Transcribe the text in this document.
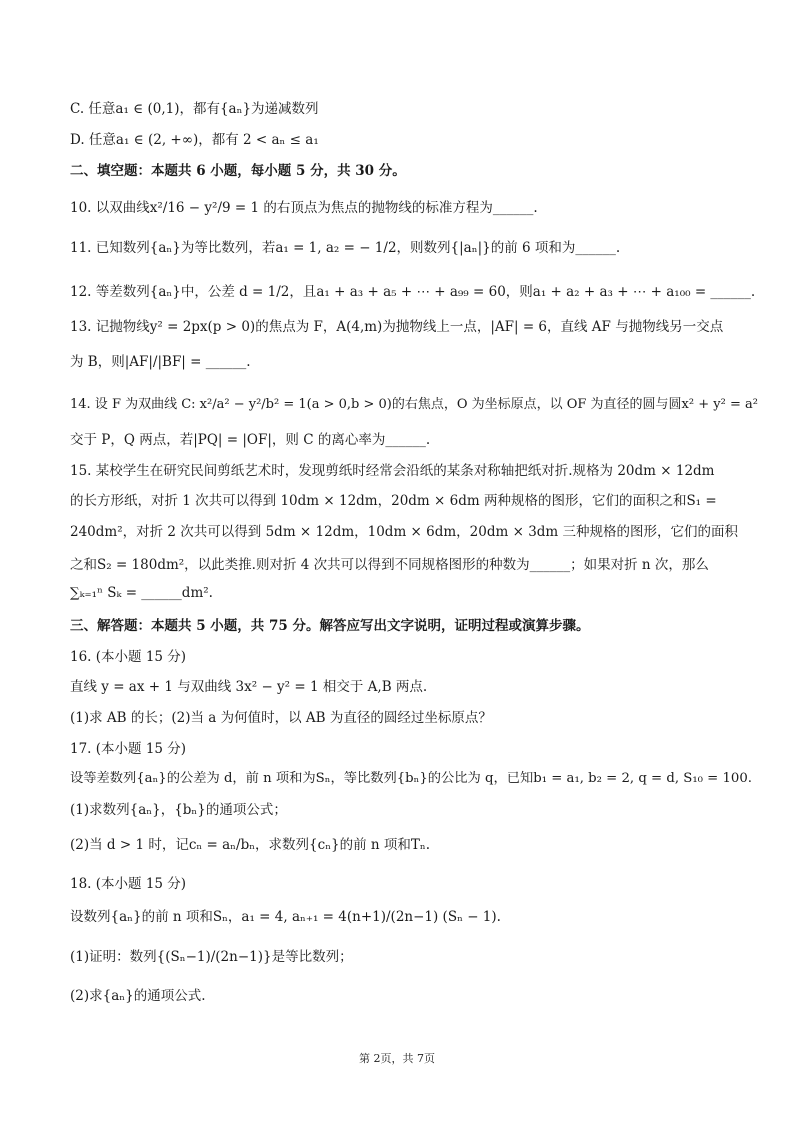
C. 任意a₁ ∈ (0,1)，都有{aₙ}为递减数列
D. 任意a₁ ∈ (2, +∞)，都有 2 < aₙ ≤ a₁
二、填空题：本题共 6 小题，每小题 5 分，共 30 分。
10. 以双曲线x²/16 − y²/9 = 1 的右顶点为焦点的抛物线的标准方程为______.
11. 已知数列{aₙ}为等比数列，若a₁ = 1, a₂ = − 1/2，则数列{|aₙ|}的前 6 项和为______.
12. 等差数列{aₙ}中，公差 d = 1/2，且a₁ + a₃ + a₅ + ⋯ + a₉₉ = 60，则a₁ + a₂ + a₃ + ⋯ + a₁₀₀ = ______.
13. 记抛物线y² = 2px(p > 0)的焦点为 F，A(4,m)为抛物线上一点，|AF| = 6，直线 AF 与抛物线另一交点
为 B，则|AF|/|BF| = ______.
14. 设 F 为双曲线 C: x²/a² − y²/b² = 1(a > 0,b > 0)的右焦点，O 为坐标原点，以 OF 为直径的圆与圆x² + y² = a²
交于 P，Q 两点，若|PQ| = |OF|，则 C 的离心率为______.
15. 某校学生在研究民间剪纸艺术时，发现剪纸时经常会沿纸的某条对称轴把纸对折.规格为 20dm × 12dm
的长方形纸，对折 1 次共可以得到 10dm × 12dm，20dm × 6dm 两种规格的图形，它们的面积之和S₁ =
240dm²，对折 2 次共可以得到 5dm × 12dm，10dm × 6dm，20dm × 3dm 三种规格的图形，它们的面积
之和S₂ = 180dm²，以此类推.则对折 4 次共可以得到不同规格图形的种数为______；如果对折 n 次，那么
∑ₖ₌₁ⁿ Sₖ = ______dm².
三、解答题：本题共 5 小题，共 75 分。解答应写出文字说明，证明过程或演算步骤。
16. (本小题 15 分)
直线 y = ax + 1 与双曲线 3x² − y² = 1 相交于 A,B 两点.
(1)求 AB 的长；(2)当 a 为何值时，以 AB 为直径的圆经过坐标原点？
17. (本小题 15 分)
设等差数列{aₙ}的公差为 d，前 n 项和为Sₙ，等比数列{bₙ}的公比为 q，已知b₁ = a₁, b₂ = 2, q = d, S₁₀ = 100.
(1)求数列{aₙ}，{bₙ}的通项公式；
(2)当 d > 1 时，记cₙ = aₙ/bₙ，求数列{cₙ}的前 n 项和Tₙ.
18. (本小题 15 分)
设数列{aₙ}的前 n 项和Sₙ，a₁ = 4, aₙ₊₁ = 4(n+1)/(2n−1) (Sₙ − 1).
(1)证明：数列{(Sₙ−1)/(2n−1)}是等比数列；
(2)求{aₙ}的通项公式.
第 2页，共 7页
